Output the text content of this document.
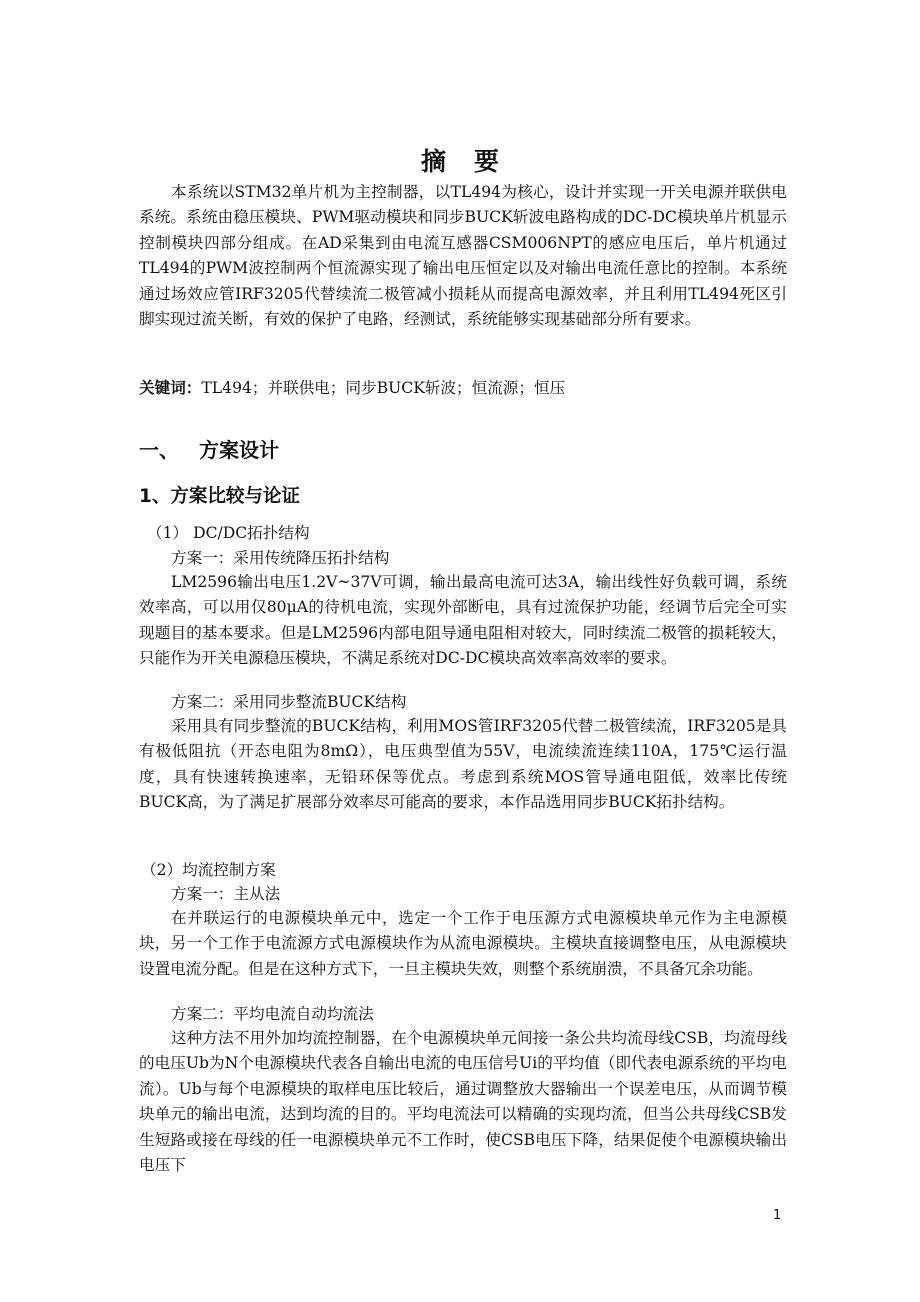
摘要

本系统以STM32单片机为主控制器，以TL494为核心，设计并实现一开关电源并联供电系统。系统由稳压模块、PWM驱动模块和同步BUCK斩波电路构成的DC-DC模块单片机显示控制模块四部分组成。在AD采集到由电流互感器CSM006NPT的感应电压后，单片机通过TL494的PWM波控制两个恒流源实现了输出电压恒定以及对输出电流任意比的控制。本系统通过场效应管IRF3205代替续流二极管减小损耗从而提高电源效率，并且利用TL494死区引脚实现过流关断，有效的保护了电路，经测试，系统能够实现基础部分所有要求。

关键词：TL494；并联供电；同步BUCK斩波；恒流源；恒压
一、 方案设计
1、方案比较与论证
（1） DC/DC拓扑结构
方案一：采用传统降压拓扑结构

LM2596输出电压1.2V~37V可调，输出最高电流可达3A，输出线性好负载可调，系统效率高，可以用仅80μA的待机电流，实现外部断电，具有过流保护功能，经调节后完全可实现题目的基本要求。但是LM2596内部电阻导通电阻相对较大，同时续流二极管的损耗较大，只能作为开关电源稳压模块，不满足系统对DC-DC模块高效率高效率的要求。

方案二：采用同步整流BUCK结构

采用具有同步整流的BUCK结构，利用MOS管IRF3205代替二极管续流，IRF3205是具有极低阻抗（开态电阻为8mΩ），电压典型值为55V，电流续流连续110A，175℃运行温度，具有快速转换速率，无铅环保等优点。考虑到系统MOS管导通电阻低，效率比传统BUCK高，为了满足扩展部分效率尽可能高的要求，本作品选用同步BUCK拓扑结构。

（2）均流控制方案
方案一：主从法

在并联运行的电源模块单元中，选定一个工作于电压源方式电源模块单元作为主电源模块，另一个工作于电流源方式电源模块作为从流电源模块。主模块直接调整电压，从电源模块设置电流分配。但是在这种方式下，一旦主模块失效，则整个系统崩溃，不具备冗余功能。

方案二：平均电流自动均流法

这种方法不用外加均流控制器，在个电源模块单元间接一条公共均流母线CSB，均流母线的电压Ub为N个电源模块代表各自输出电流的电压信号Ui的平均值（即代表电源系统的平均电流）。Ub与每个电源模块的取样电压比较后，通过调整放大器输出一个误差电压，从而调节模块单元的输出电流，达到均流的目的。平均电流法可以精确的实现均流，但当公共母线CSB发生短路或接在母线的任一电源模块单元不工作时，使CSB电压下降，结果促使个电源模块输出电压下

1
